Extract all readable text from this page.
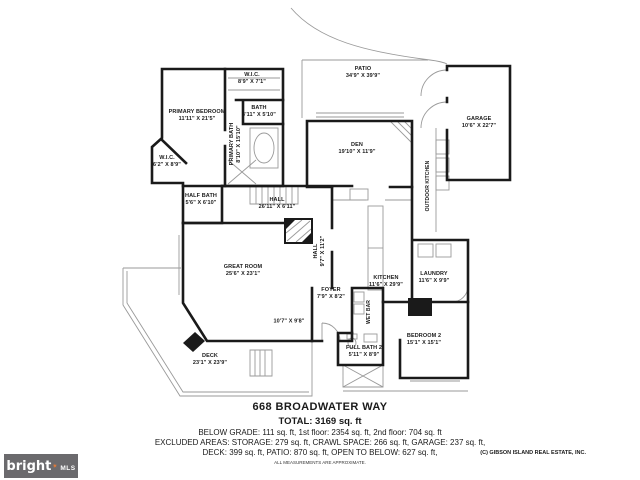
PRIMARY BEDROOM
11'11" X 21'5"
W.I.C.
8'9" X 7'1"
BATH
3'11" X 5'10"
PRIMARY BATH 8'10" X 15'10"
W.I.C.
6'2" X 8'9"
HALF BATH
5'6" X 6'10"
HALL
26'11" X 6'11"
GREAT ROOM
25'6" X 23'1"
HALL 9'7" X 11'2"
DEN
19'10" X 11'9"
PATIO
34'9" X 39'9"
GARAGE
10'6" X 22'7"
OUTDOOR KITCHEN
KITCHEN
11'6" X 29'9"
LAUNDRY
11'6" X 9'9"
FOYER
7'9" X 8'2"
WET BAR
FULL BATH 2
5'11" X 8'9"
BEDROOM 2
15'1" X 15'1"
DECK
23'1" X 23'9"
10'7" X 9'8"
668 BROADWATER WAY
TOTAL: 3169 sq. ft
BELOW GRADE: 111 sq. ft, 1st floor: 2354 sq. ft, 2nd floor: 704 sq. ft
EXCLUDED AREAS: STORAGE: 279 sq. ft, CRAWL SPACE: 266 sq. ft, GARAGE: 237 sq. ft,
DECK: 399 sq. ft, PATIO: 870 sq. ft, OPEN TO BELOW: 627 sq. ft,
ALL MEASUREMENTS ARE APPROXIMATE.
(C) GIBSON ISLAND REAL ESTATE, INC.
bright ✷ MLS
